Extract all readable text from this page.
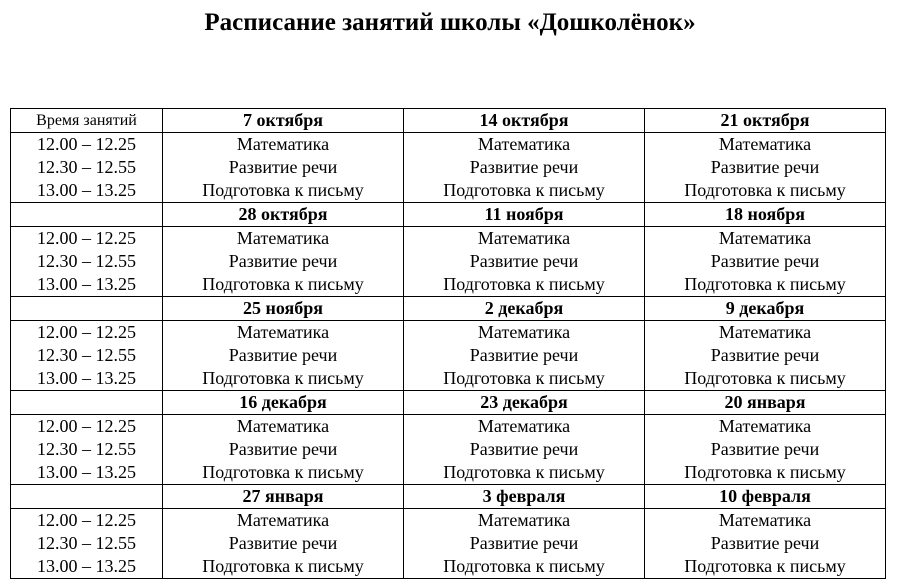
Расписание занятий школы «Дошколёнок»
Время занятий	7 октября	14 октября	21 октября
12.00 – 12.25	Математика	Математика	Математика
12.30 – 12.55	Развитие речи	Развитие речи	Развитие речи
13.00 – 13.25	Подготовка к письму	Подготовка к письму	Подготовка к письму
	28 октября	11 ноября	18 ноября
12.00 – 12.25	Математика	Математика	Математика
12.30 – 12.55	Развитие речи	Развитие речи	Развитие речи
13.00 – 13.25	Подготовка к письму	Подготовка к письму	Подготовка к письму
	25 ноября	2 декабря	9 декабря
12.00 – 12.25	Математика	Математика	Математика
12.30 – 12.55	Развитие речи	Развитие речи	Развитие речи
13.00 – 13.25	Подготовка к письму	Подготовка к письму	Подготовка к письму
	16 декабря	23 декабря	20 января
12.00 – 12.25	Математика	Математика	Математика
12.30 – 12.55	Развитие речи	Развитие речи	Развитие речи
13.00 – 13.25	Подготовка к письму	Подготовка к письму	Подготовка к письму
	27 января	3 февраля	10 февраля
12.00 – 12.25	Математика	Математика	Математика
12.30 – 12.55	Развитие речи	Развитие речи	Развитие речи
13.00 – 13.25	Подготовка к письму	Подготовка к письму	Подготовка к письму
